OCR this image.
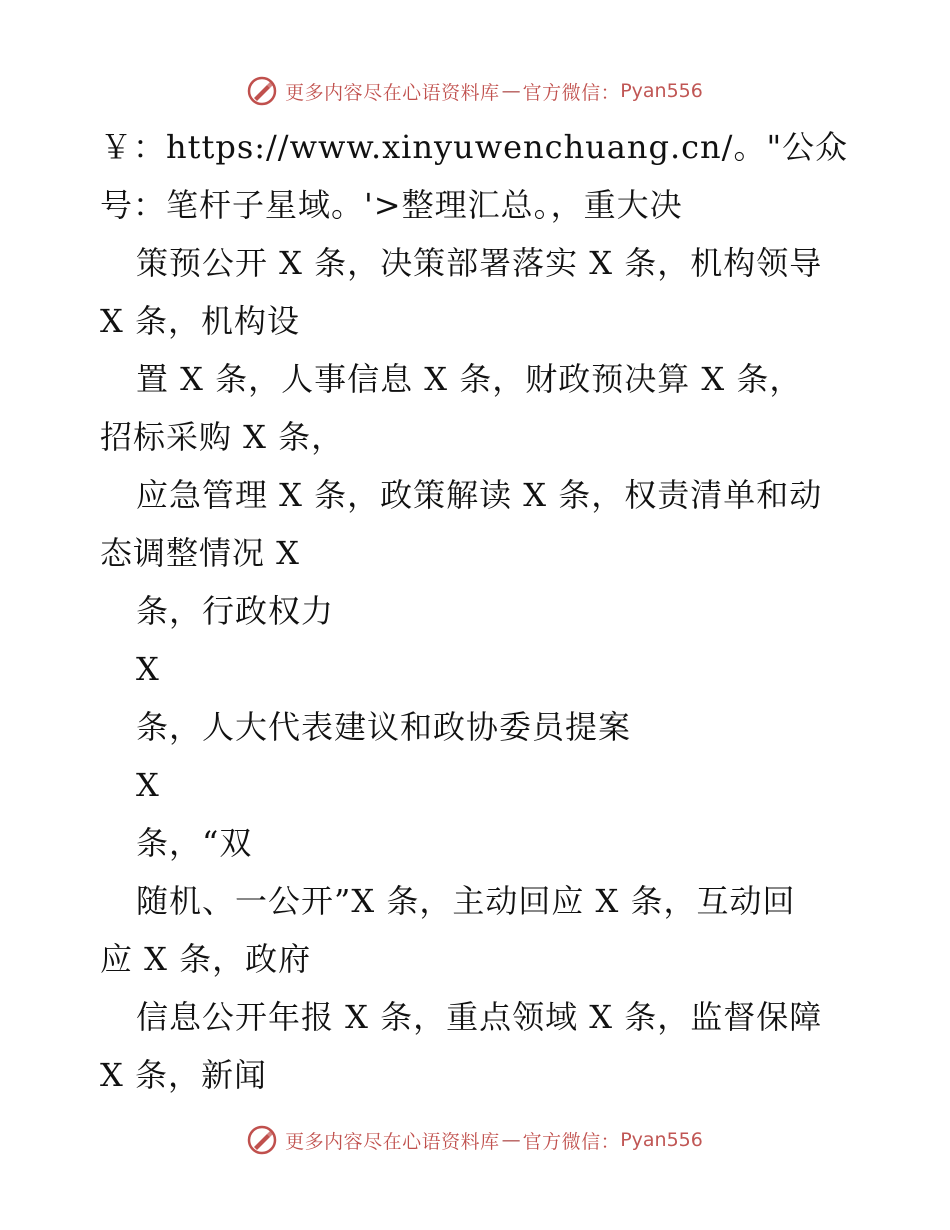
更多内容尽在心语资料库 — 官方微信： Pyan556
￥：https://www.xinyuwenchuang.cn/。"公众
号：笔杆子星域。'>整理汇总。，重大决
策预公开 X 条，决策部署落实 X 条，机构领导
X 条，机构设
置 X 条，人事信息 X 条，财政预决算 X 条，
招标采购 X 条，
应急管理 X 条，政策解读 X 条，权责清单和动
态调整情况 X
条，行政权力
X
条，人大代表建议和政协委员提案
X
条，“双
随机、一公开”X 条，主动回应 X 条，互动回
应 X 条，政府
信息公开年报 X 条，重点领域 X 条，监督保障
X 条，新闻
更多内容尽在心语资料库 — 官方微信： Pyan556
